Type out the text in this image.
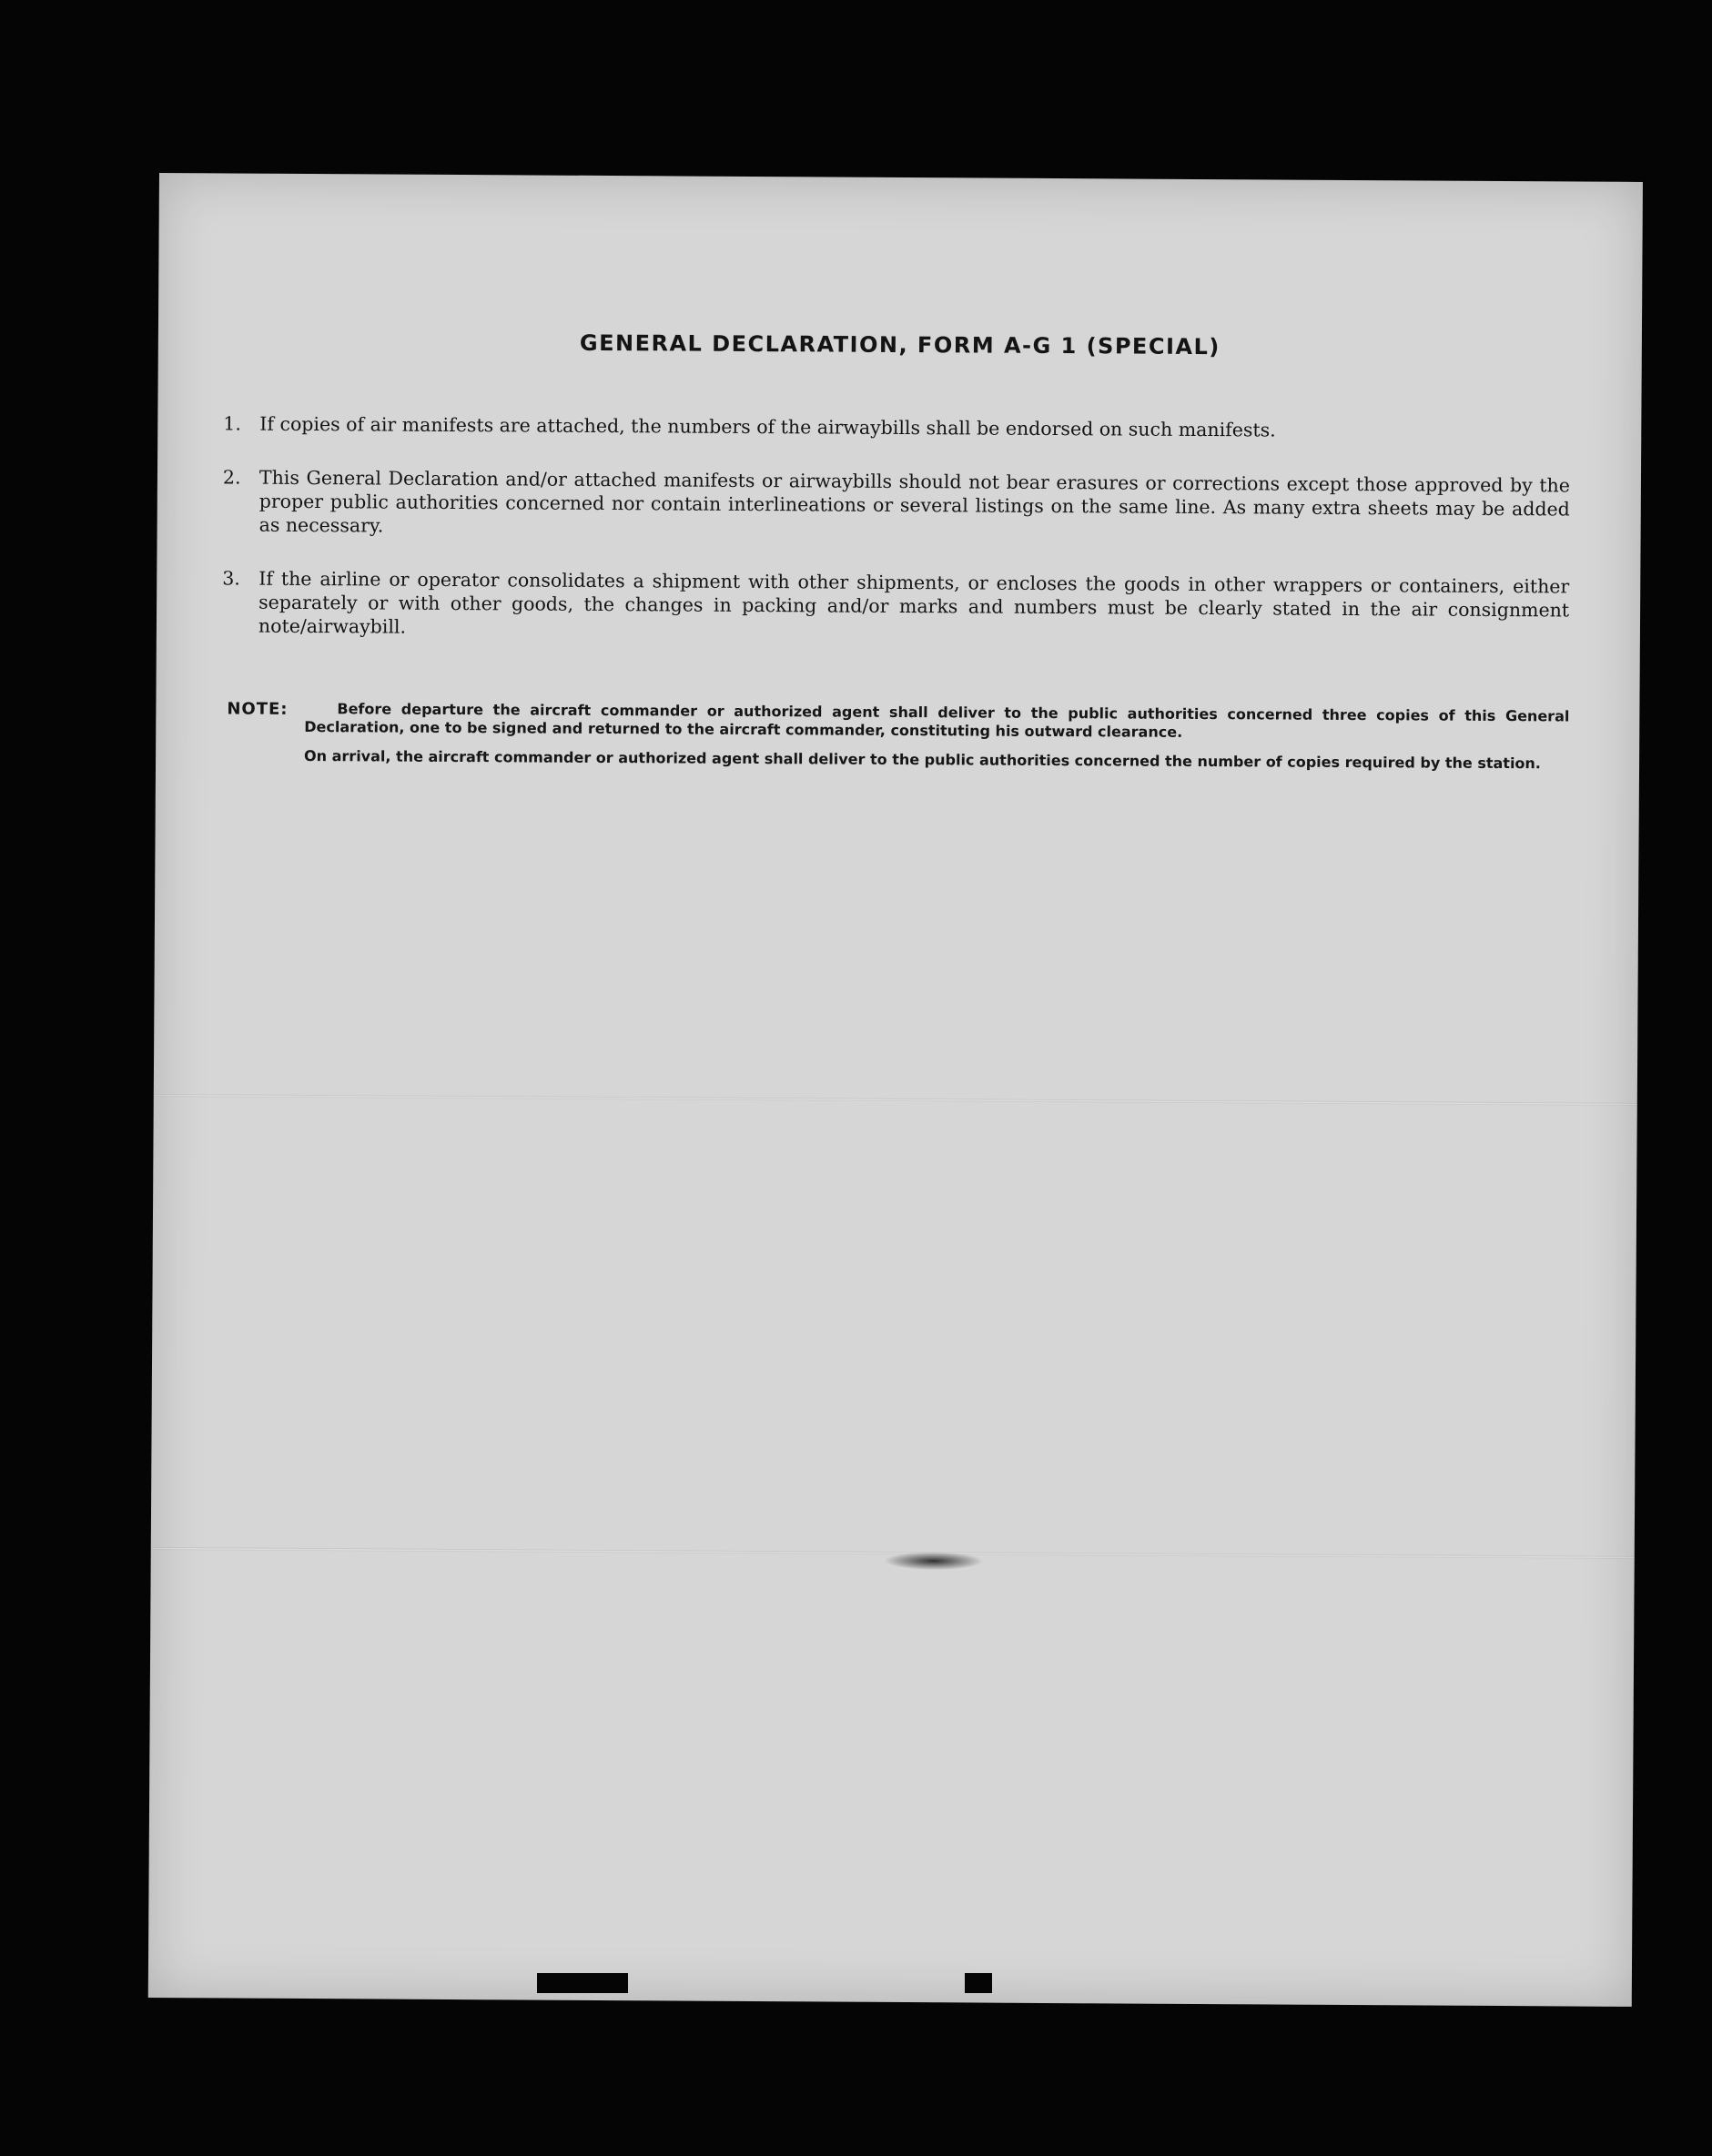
GENERAL DECLARATION, FORM A-G 1 (SPECIAL)
1. If copies of air manifests are attached, the numbers of the airwaybills shall be endorsed on such manifests.
2. This General Declaration and/or attached manifests or airwaybills should not bear erasures or corrections except those approved by the proper public authorities concerned nor contain interlineations or several listings on the same line. As many extra sheets may be added as necessary.
3. If the airline or operator consolidates a shipment with other shipments, or encloses the goods in other wrappers or containers, either separately or with other goods, the changes in packing and/or marks and numbers must be clearly stated in the air consignment note/airwaybill.
NOTE:	Before departure the aircraft commander or authorized agent shall deliver to the public authorities concerned three copies of this General Declaration, one to be signed and returned to the aircraft commander, constituting his outward clearance.

On arrival, the aircraft commander or authorized agent shall deliver to the public authorities concerned the number of copies required by the station.
